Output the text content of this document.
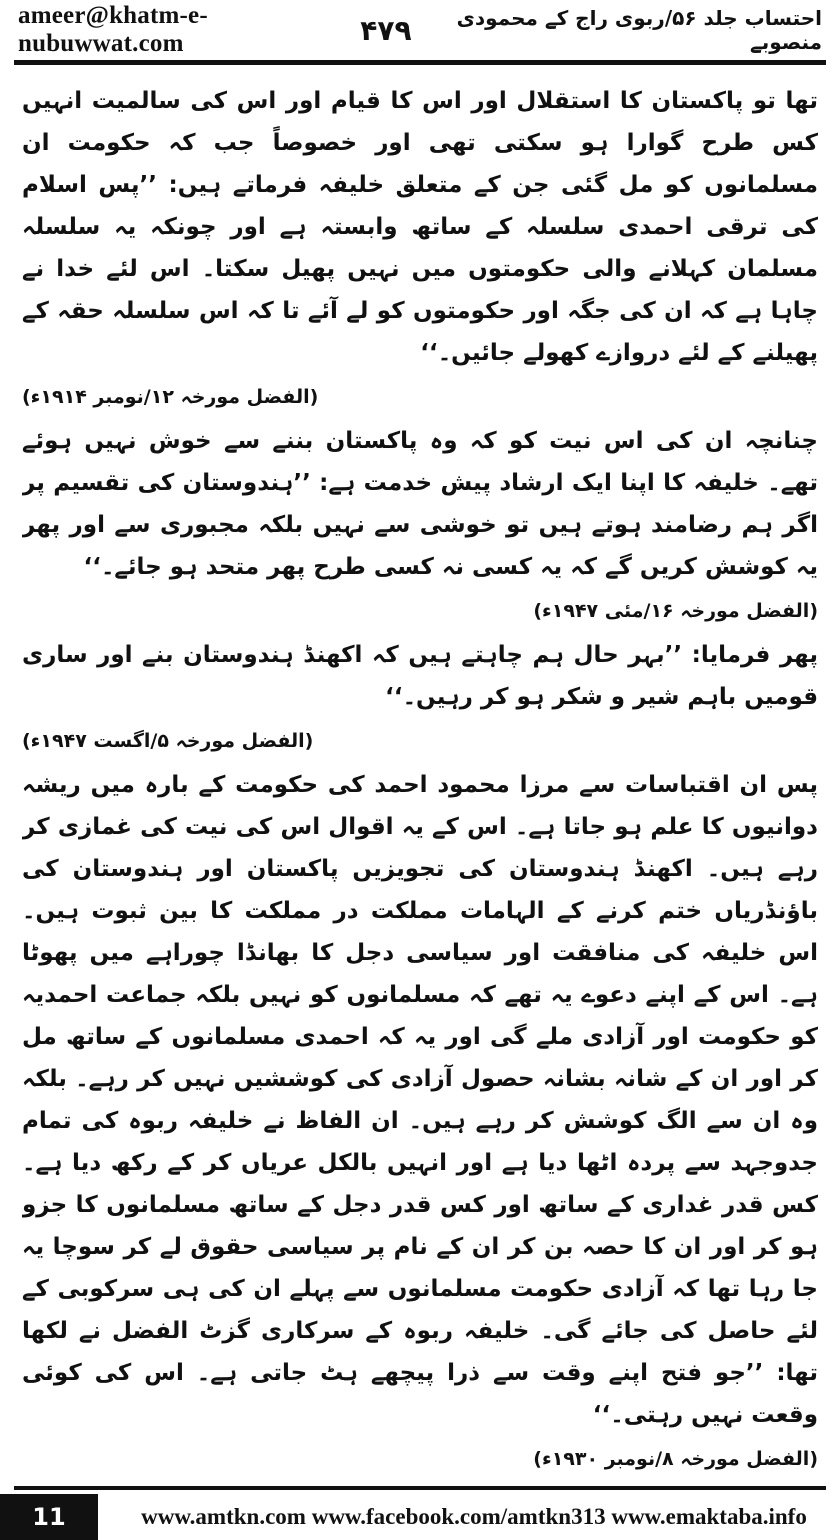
ameer@khatm-e-nubuwwat.com	۴۷۹	احتساب جلد ۵۶/ربوی راج کے محمودی منصوبے

تھا تو پاکستان کا استقلال اور اس کا قیام اور اس کی سالمیت انہیں کس طرح گوارا ہو سکتی تھی اور خصوصاً جب کہ حکومت ان مسلمانوں کو مل گئی جن کے متعلق خلیفہ فرماتے ہیں: ’’پس اسلام کی ترقی احمدی سلسلہ کے ساتھ وابستہ ہے اور چونکہ یہ سلسلہ مسلمان کہلانے والی حکومتوں میں نہیں پھیل سکتا۔ اس لئے خدا نے چاہا ہے کہ ان کی جگہ اور حکومتوں کو لے آئے تا کہ اس سلسلہ حقہ کے پھیلنے کے لئے دروازے کھولے جائیں۔‘‘

(الفضل مورخہ ۱۲/نومبر ۱۹۱۴ء)

چنانچہ ان کی اس نیت کو کہ وہ پاکستان بننے سے خوش نہیں ہوئے تھے۔ خلیفہ کا اپنا ایک ارشاد پیش خدمت ہے: ’’ہندوستان کی تقسیم پر اگر ہم رضامند ہوتے ہیں تو خوشی سے نہیں بلکہ مجبوری سے اور پھر یہ کوشش کریں گے کہ یہ کسی نہ کسی طرح پھر متحد ہو جائے۔‘‘

(الفضل مورخہ ۱۶/مئی ۱۹۴۷ء)

پھر فرمایا: ’’بہر حال ہم چاہتے ہیں کہ اکھنڈ ہندوستان بنے اور ساری قومیں باہم شیر و شکر ہو کر رہیں۔‘‘

(الفضل مورخہ ۵/اگست ۱۹۴۷ء)

پس ان اقتباسات سے مرزا محمود احمد کی حکومت کے بارہ میں ریشہ دوانیوں کا علم ہو جاتا ہے۔ اس کے یہ اقوال اس کی نیت کی غمازی کر رہے ہیں۔ اکھنڈ ہندوستان کی تجویزیں پاکستان اور ہندوستان کی باؤنڈریاں ختم کرنے کے الہامات مملکت در مملکت کا بین ثبوت ہیں۔ اس خلیفہ کی منافقت اور سیاسی دجل کا بھانڈا چوراہے میں پھوٹا ہے۔ اس کے اپنے دعوے یہ تھے کہ مسلمانوں کو نہیں بلکہ جماعت احمدیہ کو حکومت اور آزادی ملے گی اور یہ کہ احمدی مسلمانوں کے ساتھ مل کر اور ان کے شانہ بشانہ حصول آزادی کی کوششیں نہیں کر رہے۔ بلکہ وہ ان سے الگ کوشش کر رہے ہیں۔ ان الفاظ نے خلیفہ ربوہ کی تمام جدوجہد سے پردہ اٹھا دیا ہے اور انہیں بالکل عریاں کر کے رکھ دیا ہے۔ کس قدر غداری کے ساتھ اور کس قدر دجل کے ساتھ مسلمانوں کا جزو ہو کر اور ان کا حصہ بن کر ان کے نام پر سیاسی حقوق لے کر سوچا یہ جا رہا تھا کہ آزادی حکومت مسلمانوں سے پہلے ان کی ہی سرکوبی کے لئے حاصل کی جائے گی۔ خلیفہ ربوہ کے سرکاری گزٹ الفضل نے لکھا تھا: ’’جو فتح اپنے وقت سے ذرا پیچھے ہٹ جاتی ہے۔ اس کی کوئی وقعت نہیں رہتی۔‘‘

(الفضل مورخہ ۸/نومبر ۱۹۳۰ء)

11	www.amtkn.com www.facebook.com/amtkn313 www.emaktaba.info
